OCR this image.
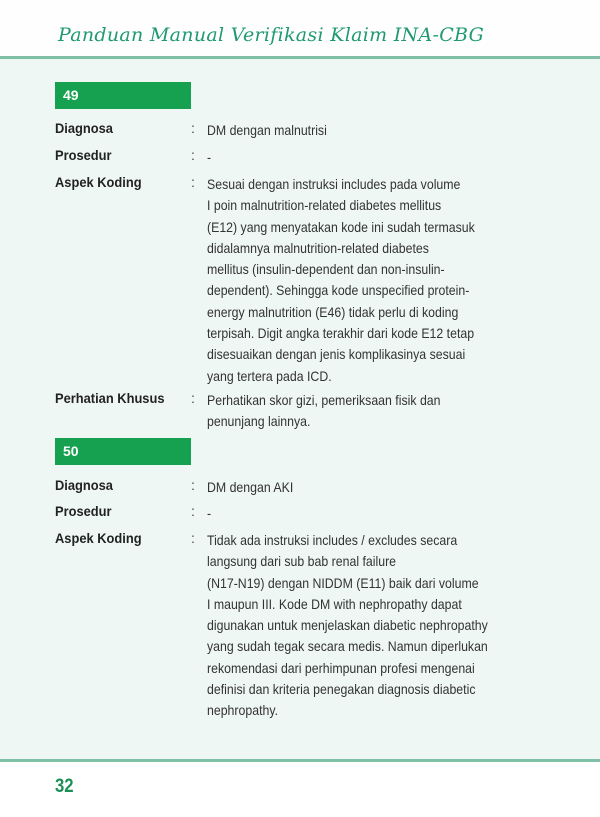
Panduan Manual Verifikasi Klaim INA-CBG
49
Diagnosa	: DM dengan malnutrisi
Prosedur	: -
Aspek Koding	: Sesuai dengan instruksi includes pada volume
I poin malnutrition-related diabetes mellitus
(E12) yang menyatakan kode ini sudah termasuk
didalamnya malnutrition-related diabetes
mellitus (insulin-dependent dan non-insulin-
dependent). Sehingga kode unspecified protein-
energy malnutrition (E46) tidak perlu di koding
terpisah. Digit angka terakhir dari kode E12 tetap
disesuaikan dengan jenis komplikasinya sesuai
yang tertera pada ICD.
Perhatian Khusus : Perhatikan skor gizi, pemeriksaan fisik dan
penunjang lainnya.
50
Diagnosa	: DM dengan AKI
Prosedur	: -
Aspek Koding	: Tidak ada instruksi includes / excludes secara
langsung dari sub bab renal failure
(N17-N19) dengan NIDDM (E11) baik dari volume
I maupun III. Kode DM with nephropathy dapat
digunakan untuk menjelaskan diabetic nephropathy
yang sudah tegak secara medis. Namun diperlukan
rekomendasi dari perhimpunan profesi mengenai
definisi dan kriteria penegakan diagnosis diabetic
nephropathy.
32
